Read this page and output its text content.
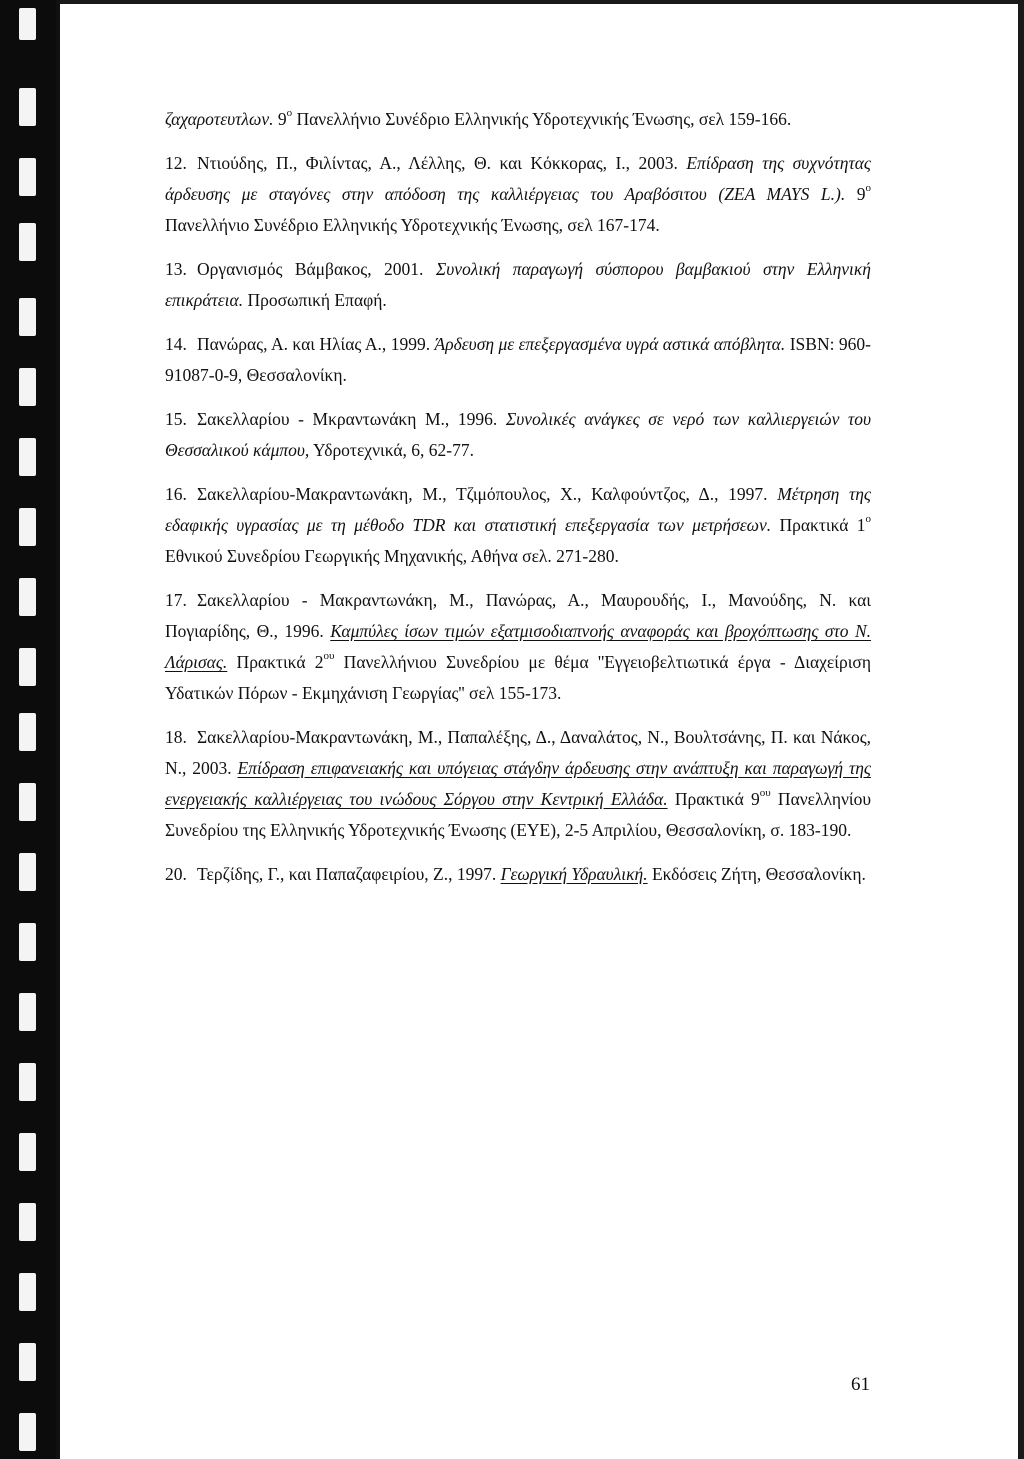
ζαχαροτευτλων. $9^o$ Πανελλήνιο Συνέδριο Ελληνικής Υδροτεχνικής Ένωσης, σελ 159-166.

12. Ντιούδης, Π., Φιλίντας, Α., Λέλλης, Θ. και Κόκκορας, Ι., 2003. Επίδραση της συχνότητας άρδευσης με σταγόνες στην απόδοση της καλλιέργειας του Αραβόσιτου (ZEA MAYS L.). $9^o$ Πανελλήνιο Συνέδριο Ελληνικής Υδροτεχνικής Ένωσης, σελ 167-174.

13. Οργανισμός Βάμβακος, 2001. Συνολική παραγωγή σύσπορου βαμβακιού στην Ελληνική επικράτεια. Προσωπική Επαφή.

14. Πανώρας, Α. και Ηλίας Α., 1999. Άρδευση με επεξεργασμένα υγρά αστικά απόβλητα. ISBN: 960-91087-0-9, Θεσσαλονίκη.

15. Σακελλαρίου - Μκραντωνάκη Μ., 1996. Συνολικές ανάγκες σε νερό των καλλιεργειών του Θεσσαλικού κάμπου, Υδροτεχνικά, 6, 62-77.

16. Σακελλαρίου-Μακραντωνάκη, Μ., Τζιμόπουλος, Χ., Καλφούντζος, Δ., 1997. Μέτρηση της εδαφικής υγρασίας με τη μέθοδο TDR και στατιστική επεξεργασία των μετρήσεων. Πρακτικά $1^o$ Εθνικού Συνεδρίου Γεωργικής Μηχανικής, Αθήνα σελ. 271-280.

17. Σακελλαρίου - Μακραντωνάκη, Μ., Πανώρας, Α., Μαυρουδής, Ι., Μανούδης, Ν. και Πογιαρίδης, Θ., 1996. Καμπύλες ίσων τιμών εξατμισοδιαπνοής αναφοράς και βροχόπτωσης στο Ν. Λάρισας. Πρακτικά $2^{o\upsilon}$ Πανελλήνιου Συνεδρίου με θέμα ''Εγγειοβελτιωτικά έργα - Διαχείριση Υδατικών Πόρων - Εκμηχάνιση Γεωργίας'' σελ 155-173.

18. Σακελλαρίου-Μακραντωνάκη, Μ., Παπαλέξης, Δ., Δαναλάτος, Ν., Βουλτσάνης, Π. και Νάκος, Ν., 2003. Επίδραση επιφανειακής και υπόγειας στάγδην άρδευσης στην ανάπτυξη και παραγωγή της ενεργειακής καλλιέργειας του ινώδους Σόργου στην Κεντρική Ελλάδα. Πρακτικά $9^{o\upsilon}$ Πανελληνίου Συνεδρίου της Ελληνικής Υδροτεχνικής Ένωσης (ΕΥΕ), 2-5 Απριλίου, Θεσσαλονίκη, σ. 183-190.

20. Τερζίδης, Γ., και Παπαζαφειρίου, Ζ., 1997. Γεωργική Υδραυλική. Εκδόσεις Ζήτη, Θεσσαλονίκη.

61
